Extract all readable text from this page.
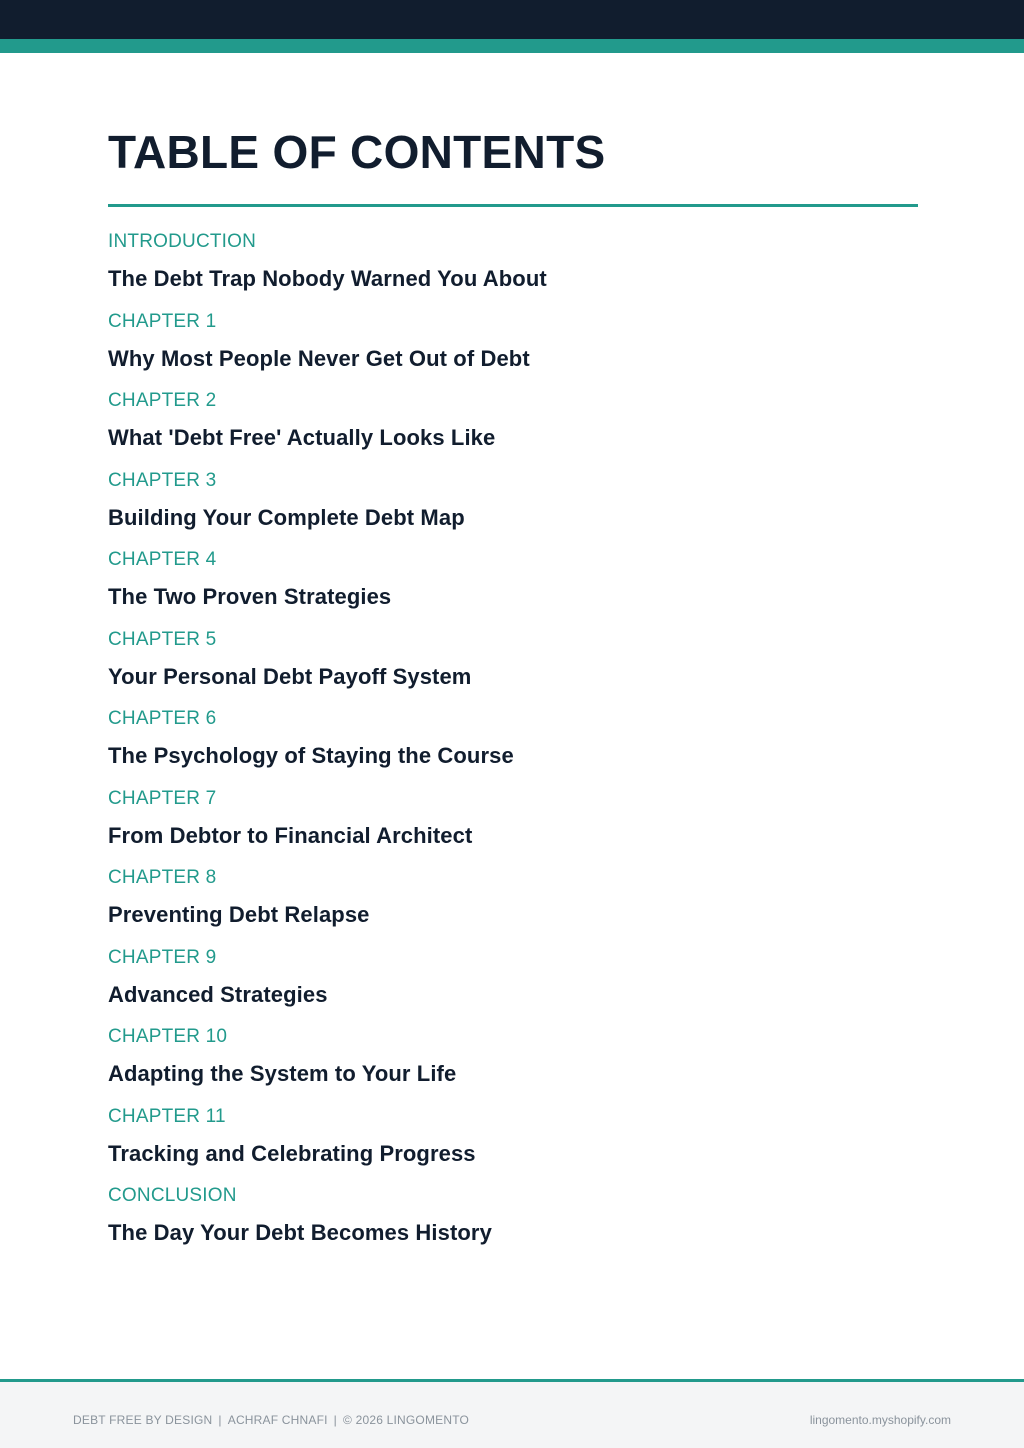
TABLE OF CONTENTS
INTRODUCTION
The Debt Trap Nobody Warned You About
CHAPTER 1
Why Most People Never Get Out of Debt
CHAPTER 2
What 'Debt Free' Actually Looks Like
CHAPTER 3
Building Your Complete Debt Map
CHAPTER 4
The Two Proven Strategies
CHAPTER 5
Your Personal Debt Payoff System
CHAPTER 6
The Psychology of Staying the Course
CHAPTER 7
From Debtor to Financial Architect
CHAPTER 8
Preventing Debt Relapse
CHAPTER 9
Advanced Strategies
CHAPTER 10
Adapting the System to Your Life
CHAPTER 11
Tracking and Celebrating Progress
CONCLUSION
The Day Your Debt Becomes History
DEBT FREE BY DESIGN | ACHRAF CHNAFI | © 2026 LINGOMENTO	lingomento.myshopify.com
